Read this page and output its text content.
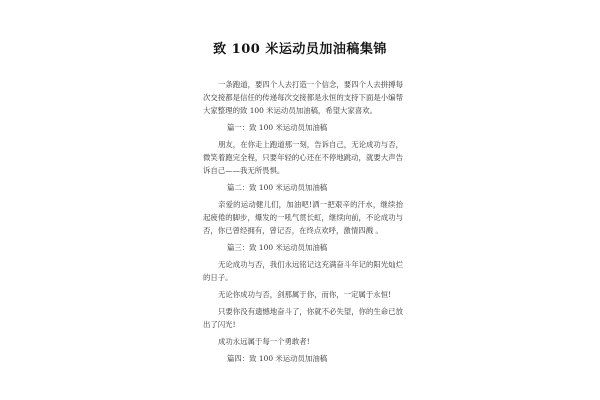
致 100 米运动员加油稿集锦

一条跑道，要四个人去打造一个信念，要四个人去拼搏每次交接都是信任的传递每次交接都是永恒的支持下面是小编帮大家整理的致 100 米运动员加油稿，希望大家喜欢。

篇一：致 100 米运动员加油稿

朋友，在你走上跑道那一刻，告诉自己，无论成功与否，微笑着跑完全程，只要年轻的心还在不停地跳动，就要大声告诉自己——我无所畏惧。

篇二：致 100 米运动员加油稿

亲爱的运动健儿们，加油吧!洒一把艰辛的汗水，继续抬起疲倦的脚步，爆发的一吼气贯长虹，继续向前，不论成功与否，你已曾经拥有，曾记否，在终点欢呼，激情四溅 。

篇三：致 100 米运动员加油稿

无论成功与否，我们永远铭记这充满奋斗年记的阳光灿烂的日子。

无论你成功与否，剑那属于你，而你，一定属于永恒!

只要你没有遗憾地奋斗了，你就不必失望，你的生命已放出了闪光!

成功永远属于每一个勇敢者!

篇四：致 100 米运动员加油稿
